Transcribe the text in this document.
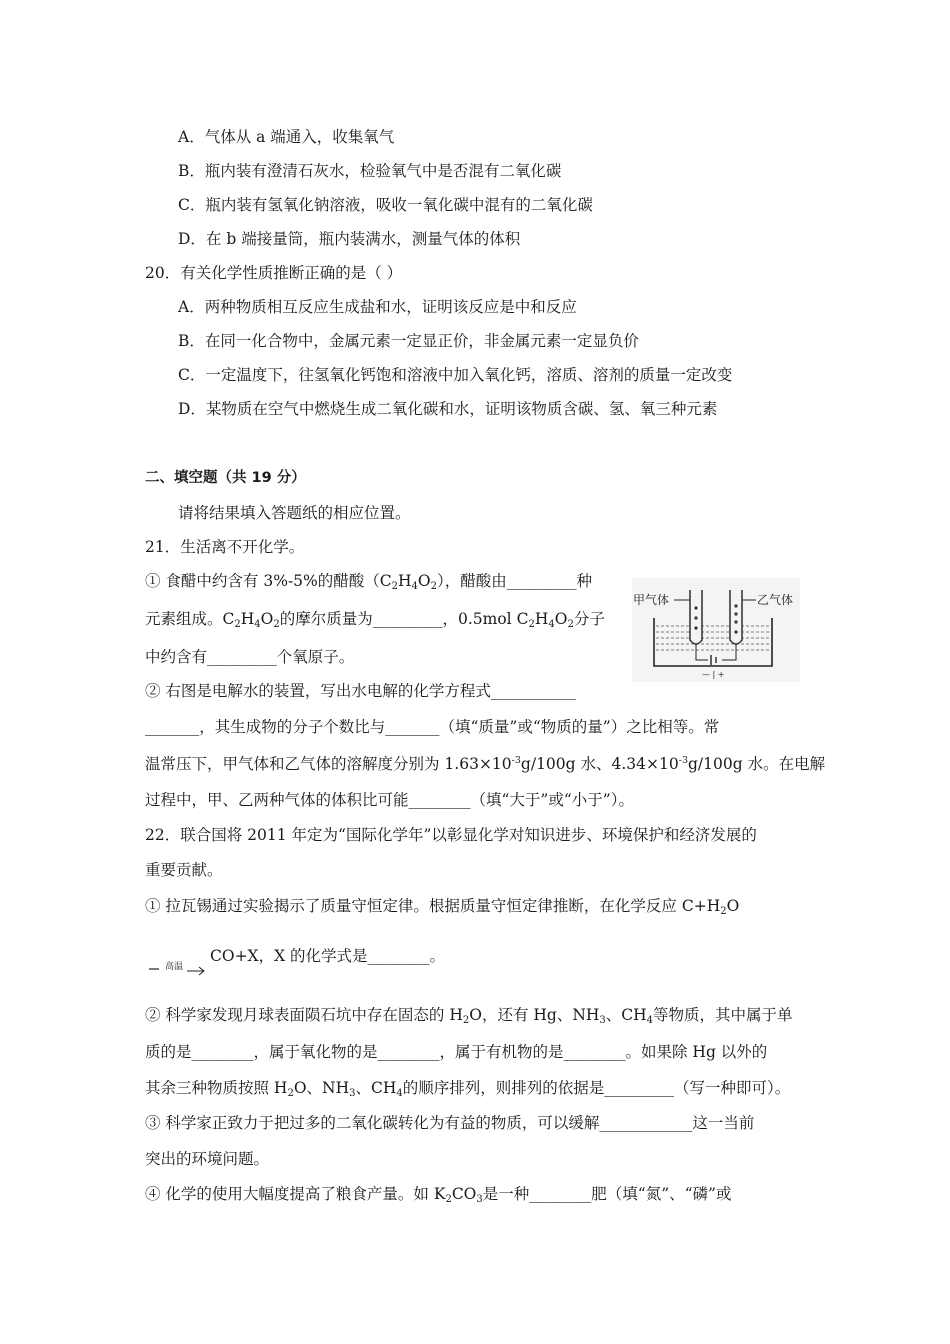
A．气体从 a 端通入，收集氧气
B．瓶内装有澄清石灰水，检验氧气中是否混有二氧化碳
C．瓶内装有氢氧化钠溶液，吸收一氧化碳中混有的二氧化碳
D．在 b 端接量筒，瓶内装满水，测量气体的体积
20．有关化学性质推断正确的是（ ）
A．两种物质相互反应生成盐和水，证明该反应是中和反应
B．在同一化合物中，金属元素一定显正价，非金属元素一定显负价
C．一定温度下，往氢氧化钙饱和溶液中加入氧化钙，溶质、溶剂的质量一定改变
D．某物质在空气中燃烧生成二氧化碳和水，证明该物质含碳、氢、氧三种元素
二、填空题（共 19 分）
请将结果填入答题纸的相应位置。
21．生活离不开化学。
① 食醋中约含有 3%-5%的醋酸$(C_2H_4O_2)$，醋酸由_________种
元素组成。$C_2H_4O_2$的摩尔质量为_________，0.5mol $C_2H_4O_2$分子
中约含有_________个氧原子。
甲气体	乙气体
— | +
② 右图是电解水的装置，写出水电解的化学方程式___________
_______，其生成物的分子个数比与_______（填“质量”或“物质的量”）之比相等。常
温常压下，甲气体和乙气体的溶解度分别为 $1.63\times 10^{-3}g/100g$ 水、$4.34\times 10^{-3}g/100g$ 水。在电解
过程中，甲、乙两种气体的体积比可能________（填“大于”或“小于”）。
22．联合国将 2011 年定为“国际化学年”以彰显化学对知识进步、环境保护和经济发展的
重要贡献。
① 拉瓦锡通过实验揭示了质量守恒定律。根据质量守恒定律推断，在化学反应 $C+H_2O$
高温
CO+X，X 的化学式是________。
② 科学家发现月球表面陨石坑中存在固态的 $H_2O$，还有 Hg、$NH_3$、$CH_4$等物质，其中属于单
质的是________，属于氧化物的是________，属于有机物的是________。如果除 Hg 以外的
其余三种物质按照 $H_2O$、$NH_3$、$CH_4$的顺序排列，则排列的依据是_________（写一种即可）。
③ 科学家正致力于把过多的二氧化碳转化为有益的物质，可以缓解____________这一当前
突出的环境问题。
④ 化学的使用大幅度提高了粮食产量。如 $K_2CO_3$是一种________肥（填“氮”、“磷”或
